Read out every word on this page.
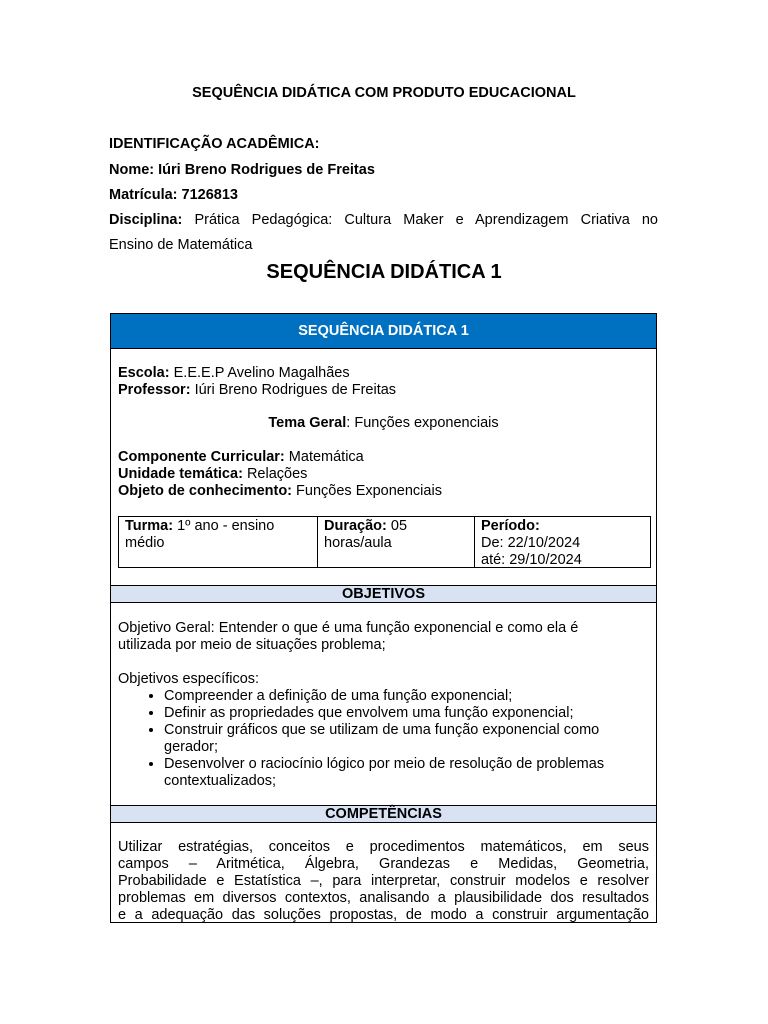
SEQUÊNCIA DIDÁTICA COM PRODUTO EDUCACIONAL
IDENTIFICAÇÃO ACADÊMICA:
Nome: Iúri Breno Rodrigues de Freitas
Matrícula: 7126813
Disciplina: Prática Pedagógica: Cultura Maker e Aprendizagem Criativa no
Ensino de Matemática
SEQUÊNCIA DIDÁTICA 1
SEQUÊNCIA DIDÁTICA 1
Escola: E.E.E.P Avelino Magalhães
Professor: Iúri Breno Rodrigues de Freitas
Tema Geral: Funções exponenciais
Componente Curricular: Matemática
Unidade temática: Relações
Objeto de conhecimento: Funções Exponenciais
Turma: 1º ano - ensino
médio
Duração: 05
horas/aula
Período:
De: 22/10/2024
até: 29/10/2024
OBJETIVOS
Objetivo Geral: Entender o que é uma função exponencial e como ela é
utilizada por meio de situações problema;
Objetivos específicos:
• Compreender a definição de uma função exponencial;
• Definir as propriedades que envolvem uma função exponencial;
• Construir gráficos que se utilizam de uma função exponencial como gerador;
• Desenvolver o raciocínio lógico por meio de resolução de problemas contextualizados;
COMPETÊNCIAS
Utilizar estratégias, conceitos e procedimentos matemáticos, em seus
campos – Aritmética, Álgebra, Grandezas e Medidas, Geometria,
Probabilidade e Estatística –, para interpretar, construir modelos e resolver
problemas em diversos contextos, analisando a plausibilidade dos resultados
e a adequação das soluções propostas, de modo a construir argumentação
